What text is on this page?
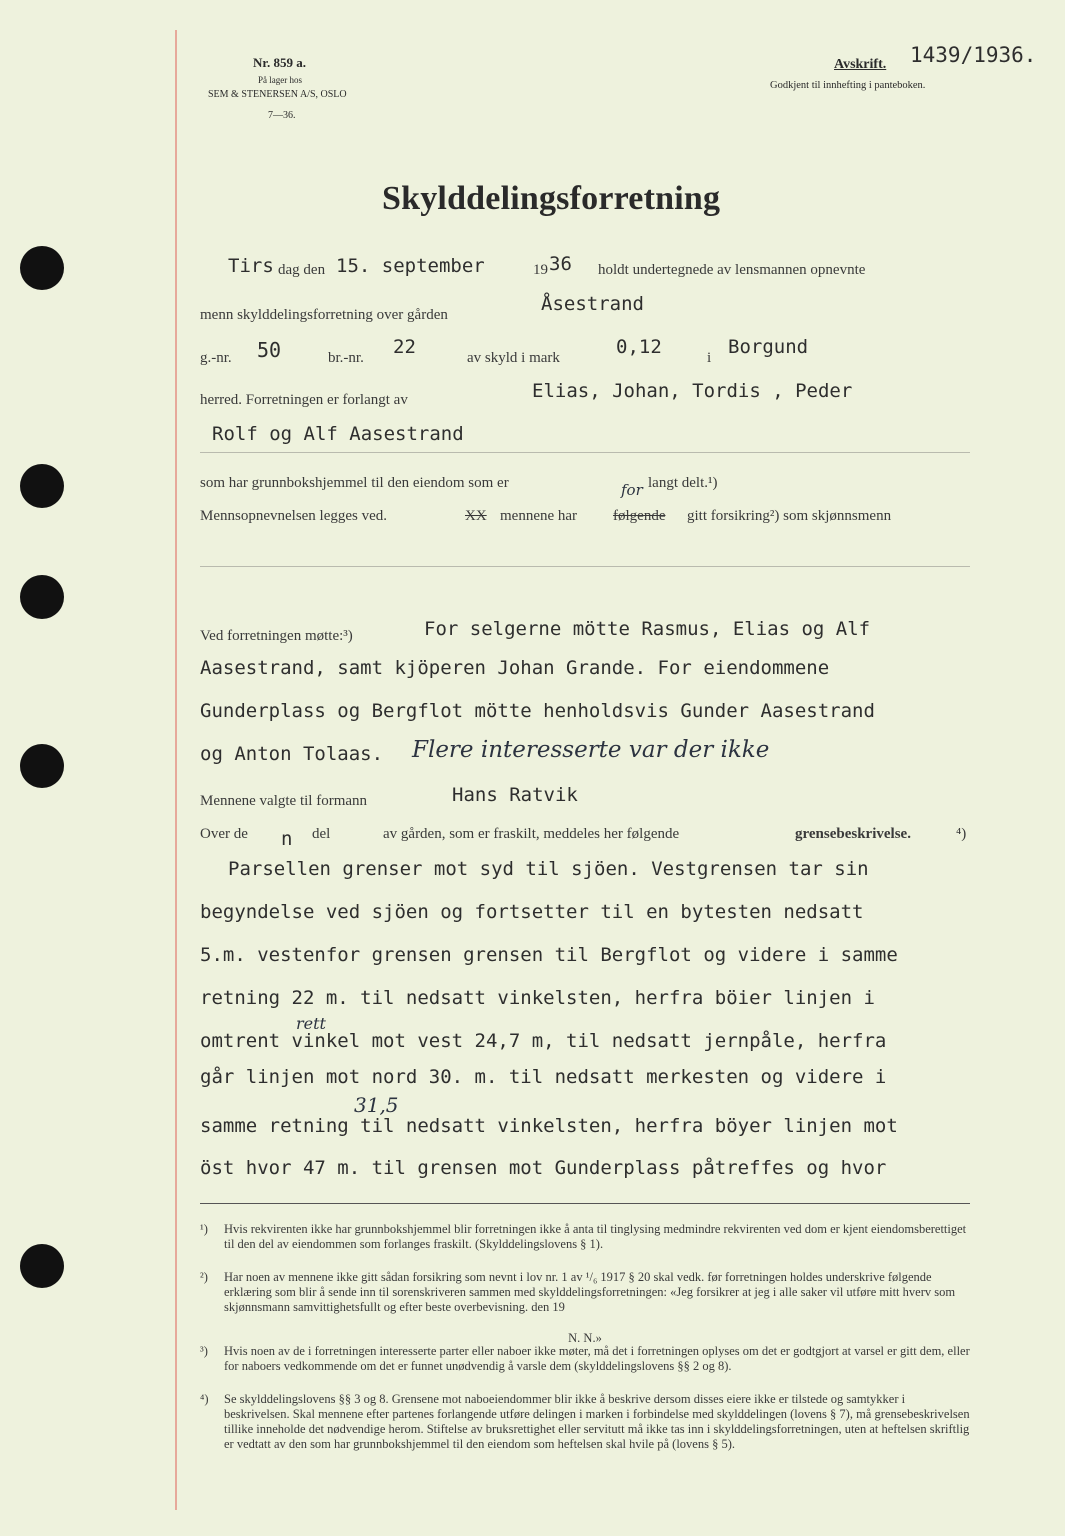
Nr. 859 a.
På lager hos
SEM & STENERSEN A/S, OSLO
7—36.
Avskrift. 1439/1936.
Godkjent til innhefting i panteboken.
Skylddelingsforretning
Tirs dag den 15. september	19 36 holdt undertegnede av lensmannen opnevnte
menn skylddelingsforretning over gården	Åsestrand
g.-nr. 50	br.-nr. 22	av skyld i mark	0,12	i Borgund
herred. Forretningen er forlangt av	Elias, Johan, Tordis , Peder
Rolf og Alf Aasestrand
som har grunnbokshjemmel til den eiendom som er	for langt delt.¹)
Mennsopnevnelsen legges ved.	XX mennene har følgende gitt forsikring²) som skjønnsmenn
Ved forretningen møtte:³)	For selgerne mötte Rasmus, Elias og Alf
Aasestrand, samt kjöperen Johan Grande. For eiendommene
Gunderplass og Bergflot mötte henholdsvis Gunder Aasestrand
og Anton Tolaas. Flere interesserte var der ikke
Mennene valgte til formann	Hans Ratvik
Over de n del	av gården, som er fraskilt, meddeles her følgende	grensebeskrivelse.	⁴)
Parsellen grenser mot syd til sjöen. Vestgrensen tar sin
begyndelse ved sjöen og fortsetter til en bytesten nedsatt
5.m. vestenfor grensen grensen til Bergflot og videre i samme
retning 22 m. til nedsatt vinkelsten, herfra böier linjen i
omtrent vinkel mot vest 24,7 m, til nedsatt jernpåle, herfra
går linjen mot nord 30. m. til nedsatt merkesten og videre i
samme retning til nedsatt vinkelsten, herfra böyer linjen mot
öst hvor 47 m. til grensen mot Gunderplass påtreffes og hvor
rett
31,5
¹) Hvis rekvirenten ikke har grunnbokshjemmel blir forretningen ikke å anta til tinglysing medmindre rekvirenten ved dom er kjent eiendomsberettiget til den del av eiendommen som forlanges fraskilt. (Skylddelingslovens § 1).
²) Har noen av mennene ikke gitt sådan forsikring som nevnt i lov nr. 1 av ¹/₆ 1917 § 20 skal vedk. før forretningen holdes underskrive følgende erklæring som blir å sende inn til sorenskriveren sammen med skylddelingsforretningen: «Jeg forsikrer at jeg i alle saker vil utføre mitt hverv som skjønnsmann samvittighetsfullt og efter beste overbevisning. den 19
N. N.»
³) Hvis noen av de i forretningen interesserte parter eller naboer ikke møter, må det i forretningen oplyses om det er godtgjort at varsel er gitt dem, eller for naboers vedkommende om det er funnet unødvendig å varsle dem (skylddelingslovens §§ 2 og 8).
⁴) Se skylddelingslovens §§ 3 og 8. Grensene mot naboeiendommer blir ikke å beskrive dersom disses eiere ikke er tilstede og samtykker i beskrivelsen. Skal mennene efter partenes forlangende utføre delingen i marken i forbindelse med skylddelingen (lovens § 7), må grensebeskrivelsen tillike inneholde det nødvendige herom. Stiftelse av bruksrettighet eller servitutt må ikke tas inn i skylddelingsforretningen, uten at heftelsen skriftlig er vedtatt av den som har grunnbokshjemmel til den eiendom som heftelsen skal hvile på (lovens § 5).
